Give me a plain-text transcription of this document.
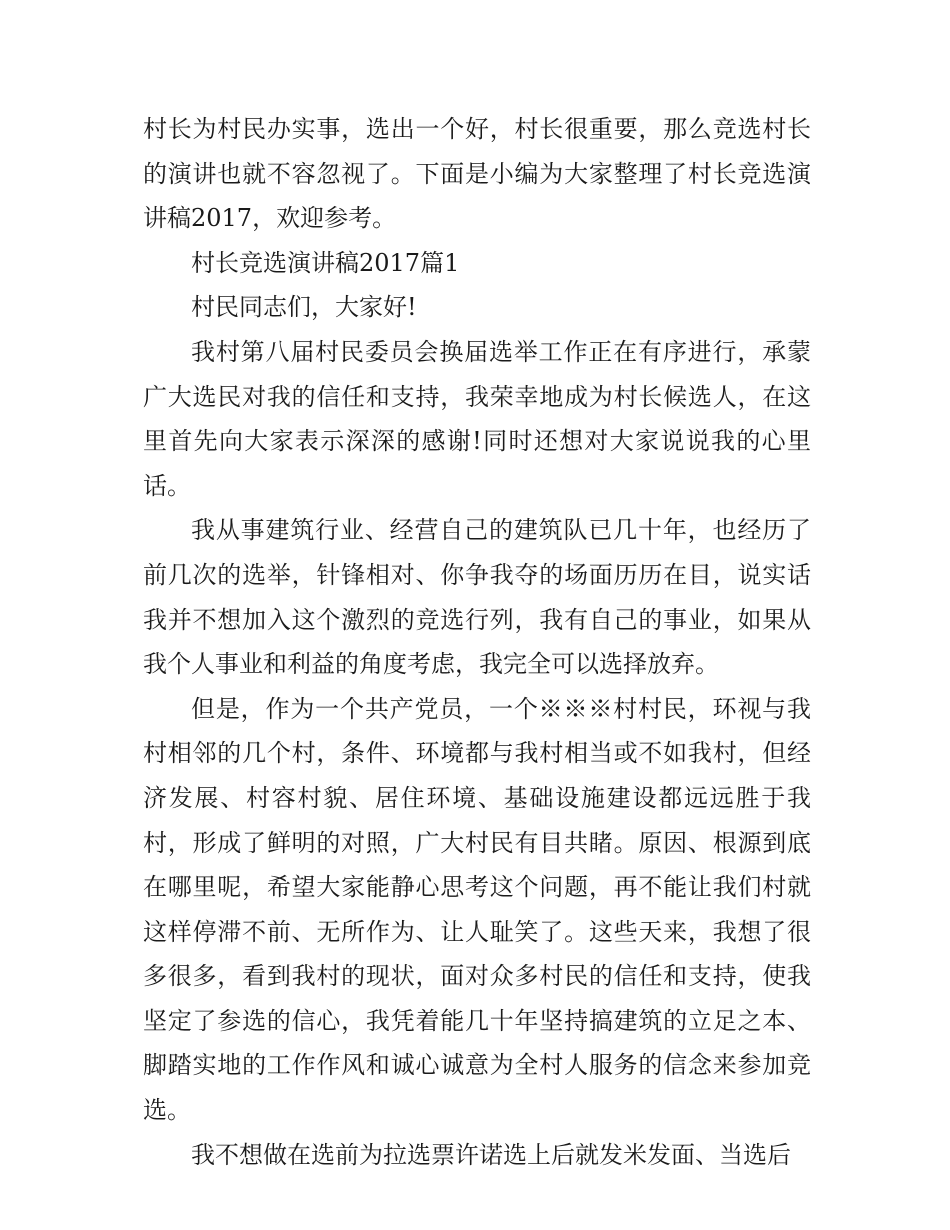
村长为村民办实事，选出一个好，村长很重要，那么竞选村长的演讲也就不容忽视了。下面是小编为大家整理了村长竞选演讲稿2017，欢迎参考。

村长竞选演讲稿2017篇1

村民同志们，大家好!

我村第八届村民委员会换届选举工作正在有序进行，承蒙广大选民对我的信任和支持，我荣幸地成为村长候选人，在这里首先向大家表示深深的感谢!同时还想对大家说说我的心里话。

我从事建筑行业、经营自己的建筑队已几十年，也经历了前几次的选举，针锋相对、你争我夺的场面历历在目，说实话我并不想加入这个激烈的竞选行列，我有自己的事业，如果从我个人事业和利益的角度考虑，我完全可以选择放弃。

但是，作为一个共产党员，一个※※※村村民，环视与我村相邻的几个村，条件、环境都与我村相当或不如我村，但经济发展、村容村貌、居住环境、基础设施建设都远远胜于我村，形成了鲜明的对照，广大村民有目共睹。原因、根源到底在哪里呢，希望大家能静心思考这个问题，再不能让我们村就这样停滞不前、无所作为、让人耻笑了。这些天来，我想了很多很多，看到我村的现状，面对众多村民的信任和支持，使我坚定了参选的信心，我凭着能几十年坚持搞建筑的立足之本、脚踏实地的工作作风和诚心诚意为全村人服务的信念来参加竞选。

我不想做在选前为拉选票许诺选上后就发米发面、当选后
